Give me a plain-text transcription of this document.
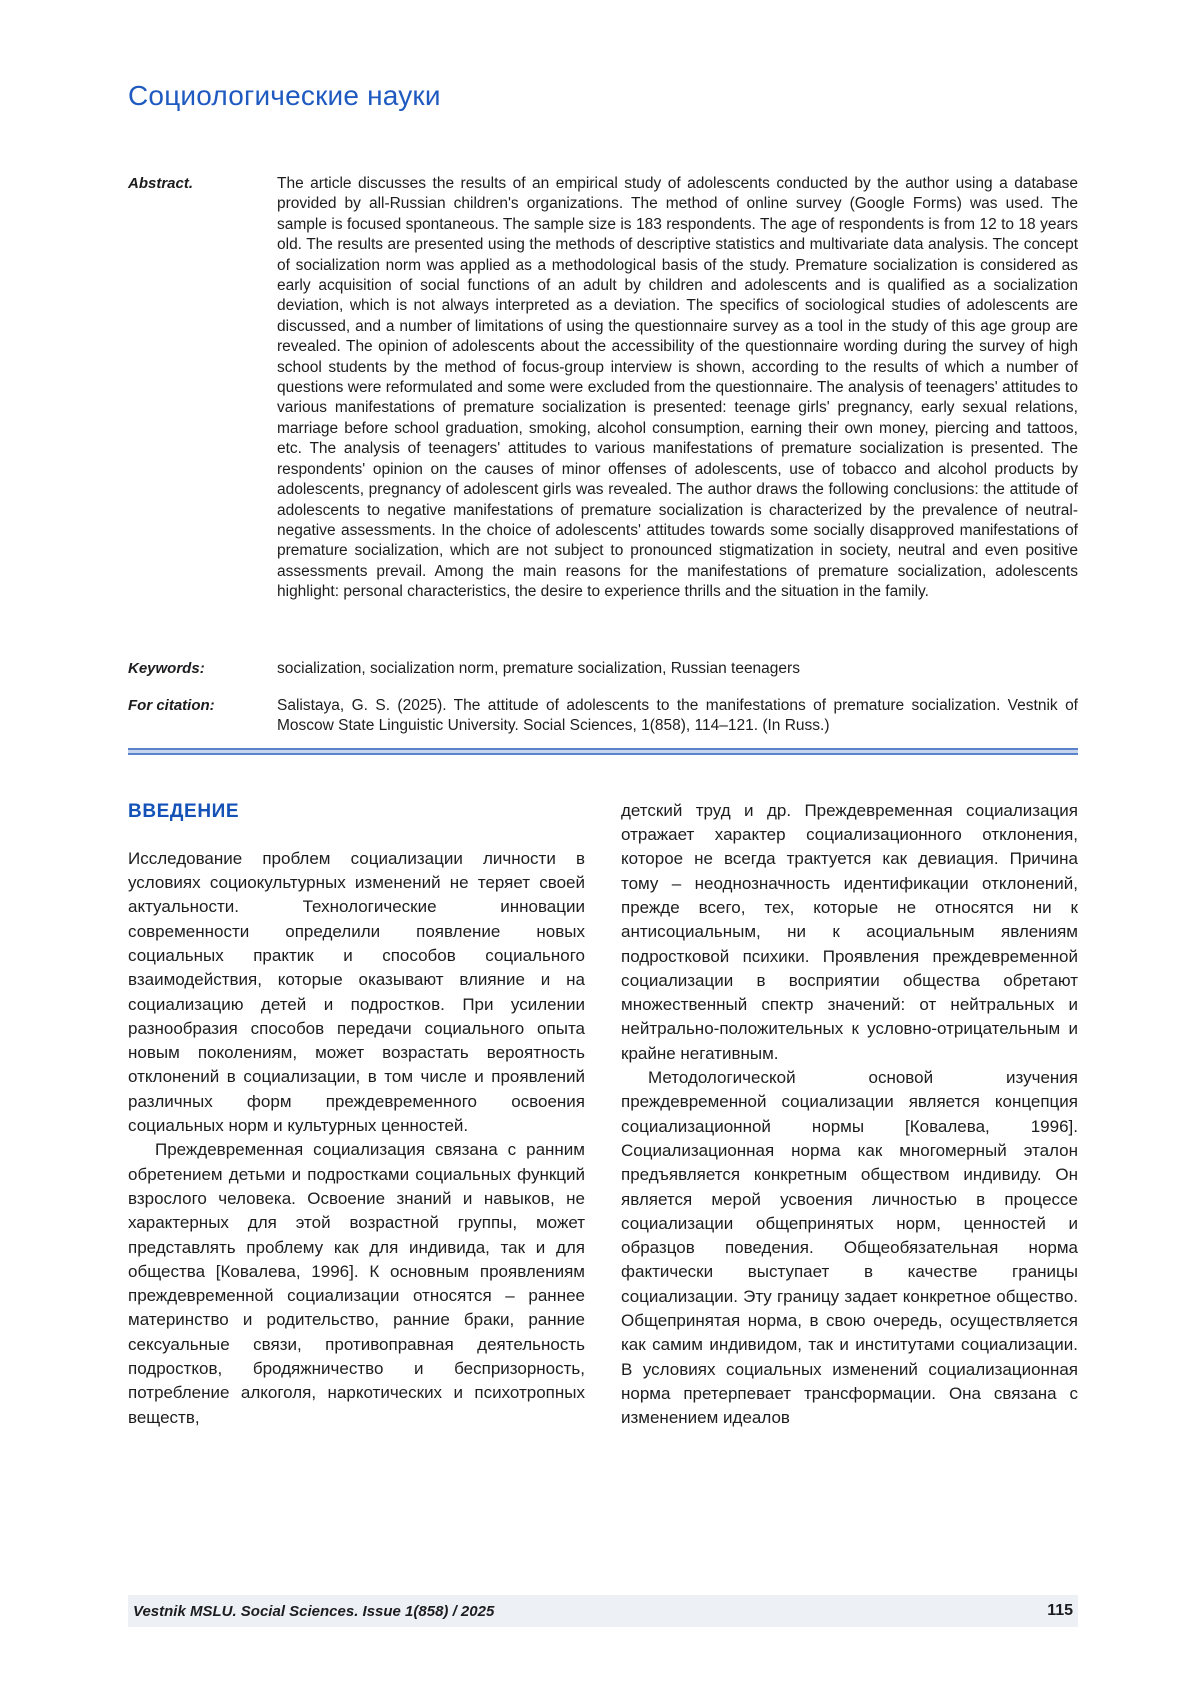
Социологические науки
Abstract.	The article discusses the results of an empirical study of adolescents conducted by the author using a database provided by all-Russian children's organizations. The method of online survey (Google Forms) was used. The sample is focused spontaneous. The sample size is 183 respondents. The age of respondents is from 12 to 18 years old. The results are presented using the methods of descriptive statistics and multivariate data analysis. The concept of socialization norm was applied as a methodological basis of the study. Premature socialization is considered as early acquisition of social functions of an adult by children and adolescents and is qualified as a socialization deviation, which is not always interpreted as a deviation. The specifics of sociological studies of adolescents are discussed, and a number of limitations of using the questionnaire survey as a tool in the study of this age group are revealed. The opinion of adolescents about the accessibility of the questionnaire wording during the survey of high school students by the method of focus-group interview is shown, according to the results of which a number of questions were reformulated and some were excluded from the questionnaire. The analysis of teenagers' attitudes to various manifestations of premature socialization is presented: teenage girls' pregnancy, early sexual relations, marriage before school graduation, smoking, alcohol consumption, earning their own money, piercing and tattoos, etc. The analysis of teenagers' attitudes to various manifestations of premature socialization is presented. The respondents' opinion on the causes of minor offenses of adolescents, use of tobacco and alcohol products by adolescents, pregnancy of adolescent girls was revealed. The author draws the following conclusions: the attitude of adolescents to negative manifestations of premature socialization is characterized by the prevalence of neutral-negative assessments. In the choice of adolescents' attitudes towards some socially disapproved manifestations of premature socialization, which are not subject to pronounced stigmatization in society, neutral and even positive assessments prevail. Among the main reasons for the manifestations of premature socialization, adolescents highlight: personal characteristics, the desire to experience thrills and the situation in the family.
Keywords:	socialization, socialization norm, premature socialization, Russian teenagers
For citation:	Salistaya, G. S. (2025). The attitude of adolescents to the manifestations of premature socialization. Vestnik of Moscow State Linguistic University. Social Sciences, 1(858), 114–121. (In Russ.)
ВВЕДЕНИЕ

Исследование проблем социализации личности в условиях социокультурных изменений не теряет своей актуальности. Технологические инновации современности определили появление новых социальных практик и способов социального взаимодействия, которые оказывают влияние и на социализацию детей и подростков. При усилении разнообразия способов передачи социального опыта новым поколениям, может возрастать вероятность отклонений в социализации, в том числе и проявлений различных форм преждевременного освоения социальных норм и культурных ценностей.

Преждевременная социализация связана с ранним обретением детьми и подростками социальных функций взрослого человека. Освоение знаний и навыков, не характерных для этой возрастной группы, может представлять проблему как для индивида, так и для общества [Ковалева, 1996]. К основным проявлениям преждевременной социализации относятся – раннее материнство и родительство, ранние браки, ранние сексуальные связи, противоправная деятельность подростков, бродяжничество и беспризорность, потребление алкоголя, наркотических и психотропных веществ,

детский труд и др. Преждевременная социализация отражает характер социализационного отклонения, которое не всегда трактуется как девиация. Причина тому – неоднозначность идентификации отклонений, прежде всего, тех, которые не относятся ни к антисоциальным, ни к асоциальным явлениям подростковой психики. Проявления преждевременной социализации в восприятии общества обретают множественный спектр значений: от нейтральных и нейтрально-положительных к условно-отрицательным и крайне негативным.

Методологической основой изучения преждевременной социализации является концепция социализационной нормы [Ковалева, 1996]. Социализационная норма как многомерный эталон предъявляется конкретным обществом индивиду. Он является мерой усвоения личностью в процессе социализации общепринятых норм, ценностей и образцов поведения. Общеобязательная норма фактически выступает в качестве границы социализации. Эту границу задает конкретное общество. Общепринятая норма, в свою очередь, осуществляется как самим индивидом, так и институтами социализации. В условиях социальных изменений социализационная норма претерпевает трансформации. Она связана с изменением идеалов

Vestnik MSLU. Social Sciences. Issue 1(858) / 2025	115
